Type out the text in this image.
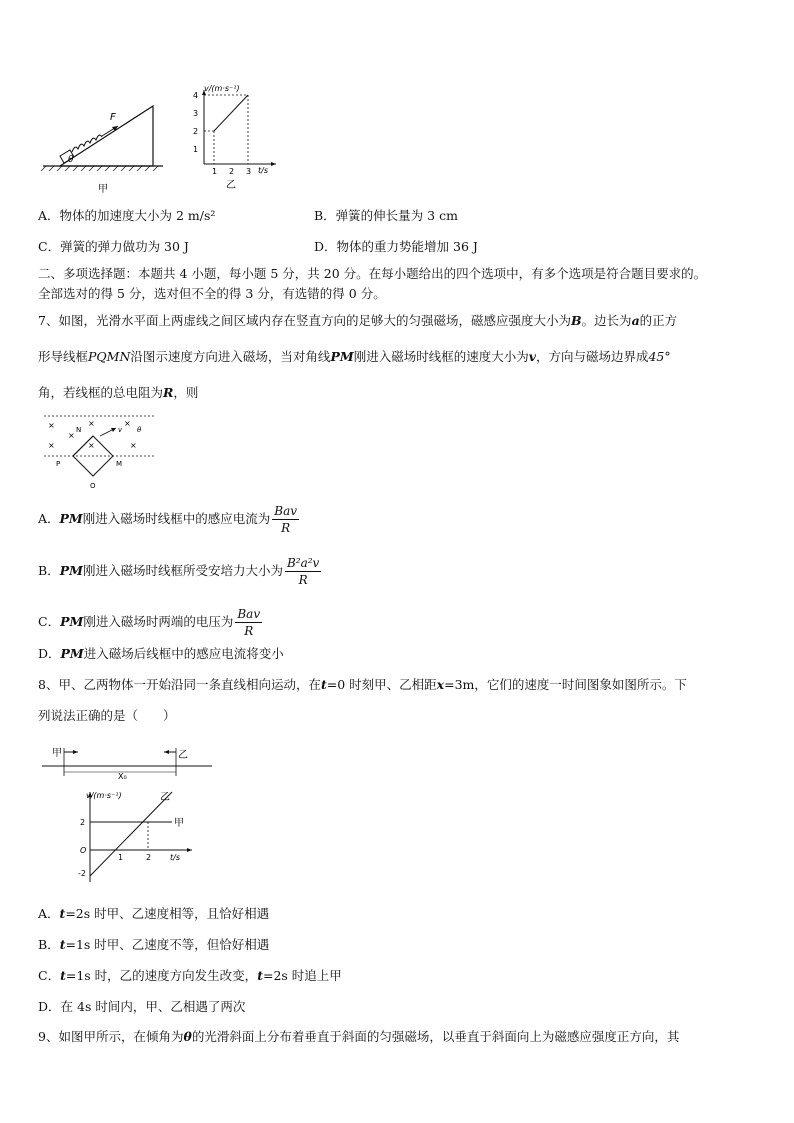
F
θ
甲
v/(m·s⁻¹)
t/s
1
2
3
4
1 2 3
乙
A．物体的加速度大小为 2 m/s²	B．弹簧的伸长量为 3 cm
C．弹簧的弹力做功为 30 J	D．物体的重力势能增加 36 J
二、多项选择题：本题共 4 小题，每小题 5 分，共 20 分。在每小题给出的四个选项中，有多个选项是符合题目要求的。
全部选对的得 5 分，选对但不全的得 3 分，有选错的得 0 分。
7、如图，光滑水平面上两虚线之间区域内存在竖直方向的足够大的匀强磁场，磁感应强度大小为B。边长为a的正方
形导线框PQMN沿图示速度方向进入磁场，当对角线PM刚进入磁场时线框的速度大小为v，方向与磁场边界成45°
角，若线框的总电阻为R，则
×	×	×
×	×	×
×
N	v θ
P	M
O
A．PM刚进入磁场时线框中的感应电流为 $\frac{\text{Bav}}{R}$
B．PM刚进入磁场时线框所受安培力大小为 $\frac{\text{B²a²v}}{R}$
C．PM刚进入磁场时两端的电压为 $\frac{\text{Bav}}{R}$
D．PM进入磁场后线框中的感应电流将变小
8、甲、乙两物体一开始沿同一条直线相向运动，在t=0 时刻甲、乙相距x=3m，它们的速度一时间图象如图所示。下
列说法正确的是（　　）
甲	乙
X₀
v/(m·s⁻¹)
t/s
O
2
-2
1	2
甲
乙
A．t=2s 时甲、乙速度相等，且恰好相遇
B．t=1s 时甲、乙速度不等，但恰好相遇
C．t=1s 时，乙的速度方向发生改变，t=2s 时追上甲
D．在 4s 时间内，甲、乙相遇了两次
9、如图甲所示，在倾角为θ的光滑斜面上分布着垂直于斜面的匀强磁场，以垂直于斜面向上为磁感应强度正方向，其
